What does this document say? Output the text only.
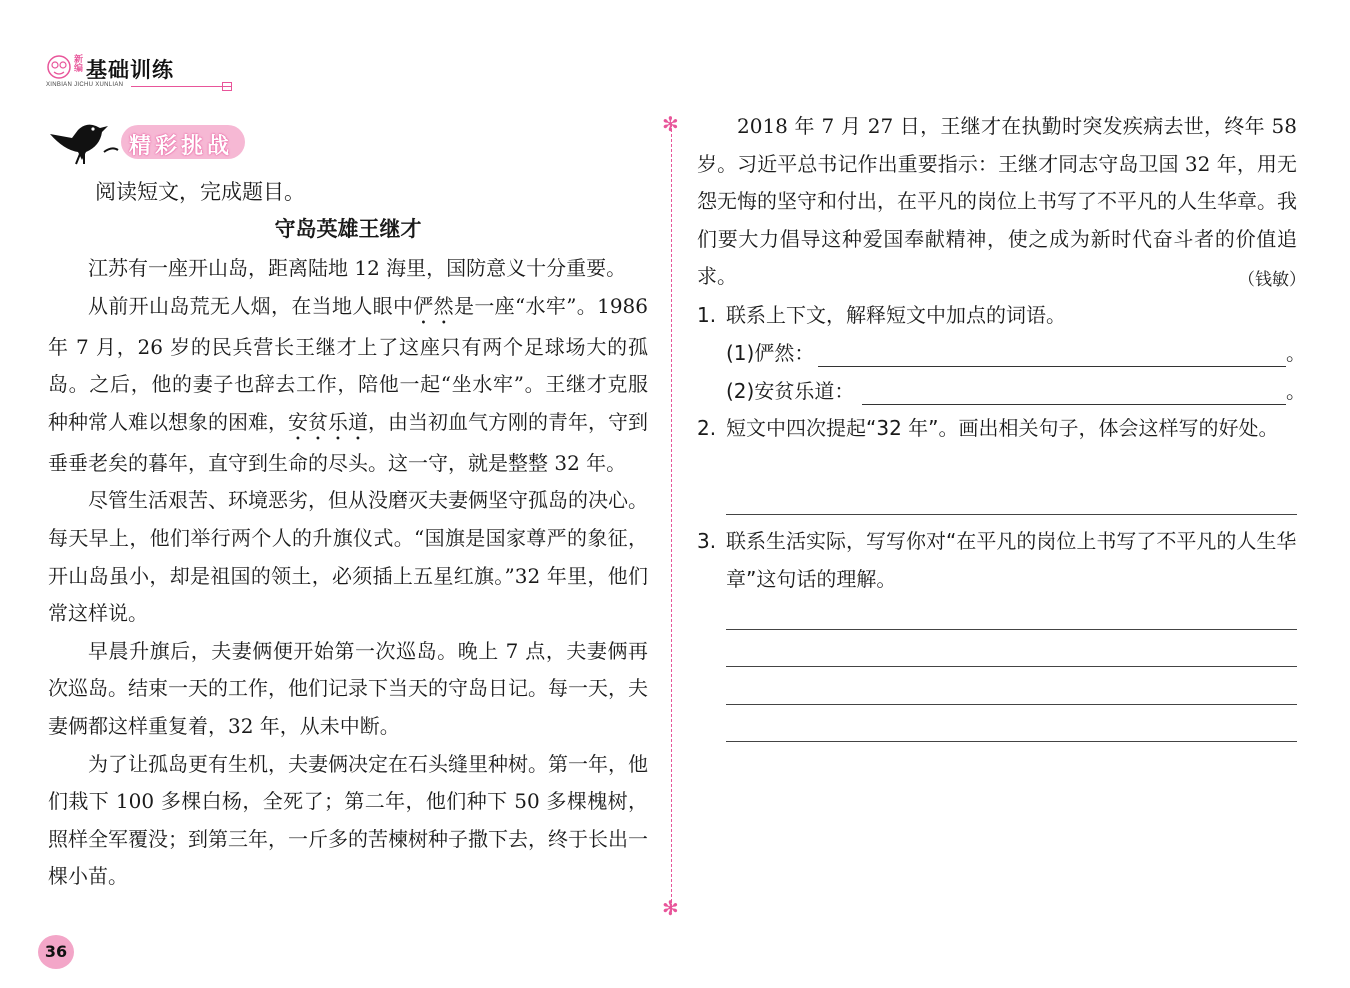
新编 基础训练
XINBIAN JICHU XUNLIAN
精彩挑战
阅读短文，完成题目。
守岛英雄王继才

江苏有一座开山岛，距离陆地 12 海里，国防意义十分重要。

从前开山岛荒无人烟，在当地人眼中俨然是一座“水牢”。1986 年 7 月，26 岁的民兵营长王继才上了这座只有两个足球场大的孤岛。之后，他的妻子也辞去工作，陪他一起“坐水牢”。王继才克服种种常人难以想象的困难，安贫乐道，由当初血气方刚的青年，守到垂垂老矣的暮年，直守到生命的尽头。这一守，就是整整 32 年。

尽管生活艰苦、环境恶劣，但从没磨灭夫妻俩坚守孤岛的决心。每天早上，他们举行两个人的升旗仪式。“国旗是国家尊严的象征，开山岛虽小，却是祖国的领土，必须插上五星红旗。”32 年里，他们常这样说。

早晨升旗后，夫妻俩便开始第一次巡岛。晚上 7 点，夫妻俩再次巡岛。结束一天的工作，他们记录下当天的守岛日记。每一天，夫妻俩都这样重复着，32 年，从未中断。

为了让孤岛更有生机，夫妻俩决定在石头缝里种树。第一年，他们栽下 100 多棵白杨，全死了；第二年，他们种下 50 多棵槐树，照样全军覆没；到第三年，一斤多的苦楝树种子撒下去，终于长出一棵小苗。

✻
✻

2018 年 7 月 27 日，王继才在执勤时突发疾病去世，终年 58 岁。习近平总书记作出重要指示：王继才同志守岛卫国 32 年，用无怨无悔的坚守和付出，在平凡的岗位上书写了不平凡的人生华章。我们要大力倡导这种爱国奉献精神，使之成为新时代奋斗者的价值追求。	（钱敏）
1. 联系上下文，解释短文中加点的词语。
(1)俨然：	。
(2)安贫乐道：	。
2. 短文中四次提起“32 年”。画出相关句子，体会这样写的好处。
3. 联系生活实际，写写你对“在平凡的岗位上书写了不平凡的人生华章”这句话的理解。
36
